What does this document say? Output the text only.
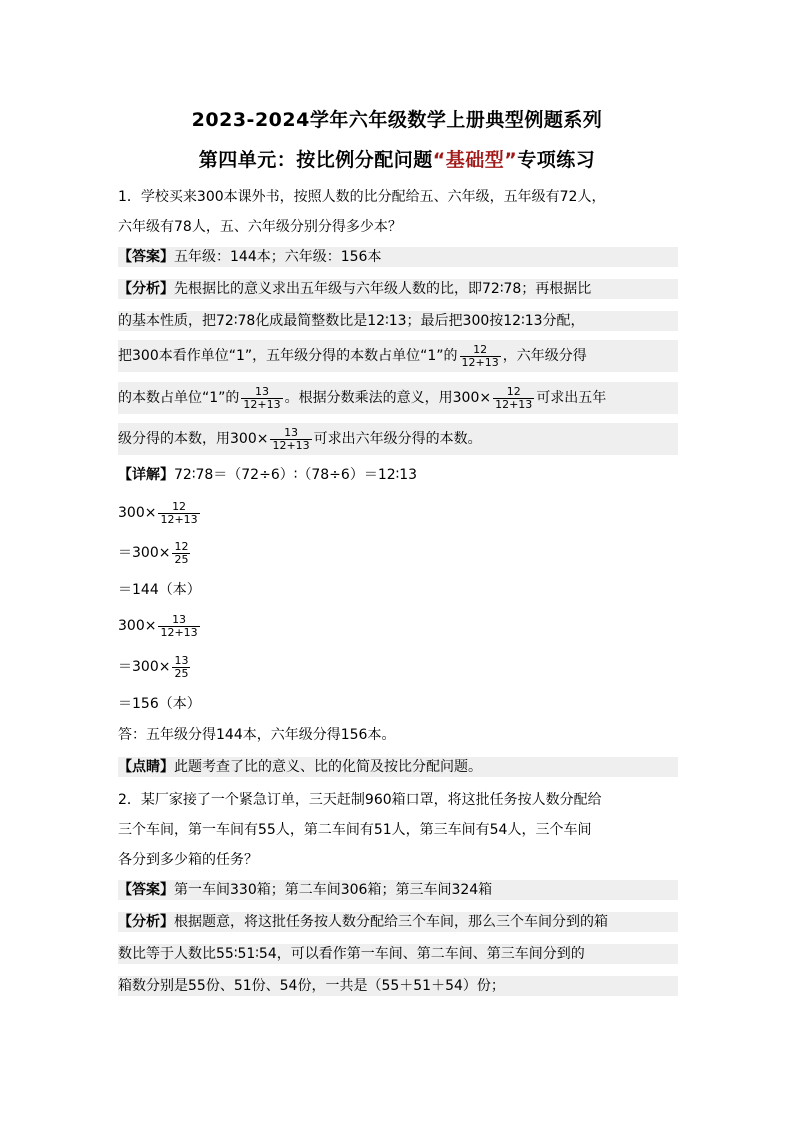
2023-2024学年六年级数学上册典型例题系列
第四单元：按比例分配问题“基础型”专项练习
1．学校买来300本课外书，按照人数的比分配给五、六年级，五年级有72人，
六年级有78人，五、六年级分别分得多少本？
【答案】 五年级：144本；六年级：156本
【分析】 先根据比的意义求出五年级与六年级人数的比，即72∶78；再根据比
的基本性质，把72∶78化成最简整数比是12∶13；最后把300按12∶13分配，
把300本看作单位“1”，五年级分得的本数占单位“1”的 $\frac{12}{12+13}$ ，六年级分得
的本数占单位“1”的 $\frac{13}{12+13}$ 。根据分数乘法的意义，用$300\times \frac{12}{12+13}$ 可求出五年
级分得的本数，用$300\times \frac{13}{12+13}$ 可求出六年级分得的本数。
【详解】 72∶78＝（72÷6）∶（78÷6）＝12∶13
$300\times \frac{12}{12+13}$
$=300\times \frac{12}{25}$
＝144（本）
$300\times \frac{13}{12+13}$
$=300\times \frac{13}{25}$
＝156（本）
答：五年级分得144本，六年级分得156本。
【点睛】 此题考查了比的意义、比的化简及按比分配问题。
2．某厂家接了一个紧急订单，三天赶制960箱口罩，将这批任务按人数分配给
三个车间，第一车间有55人，第二车间有51人，第三车间有54人，三个车间
各分到多少箱的任务？
【答案】 第一车间330箱；第二车间306箱；第三车间324箱
【分析】 根据题意，将这批任务按人数分配给三个车间，那么三个车间分到的箱
数比等于人数比55∶51∶54，可以看作第一车间、第二车间、第三车间分到的
箱数分别是55份、51份、54份，一共是（55＋51＋54）份；
